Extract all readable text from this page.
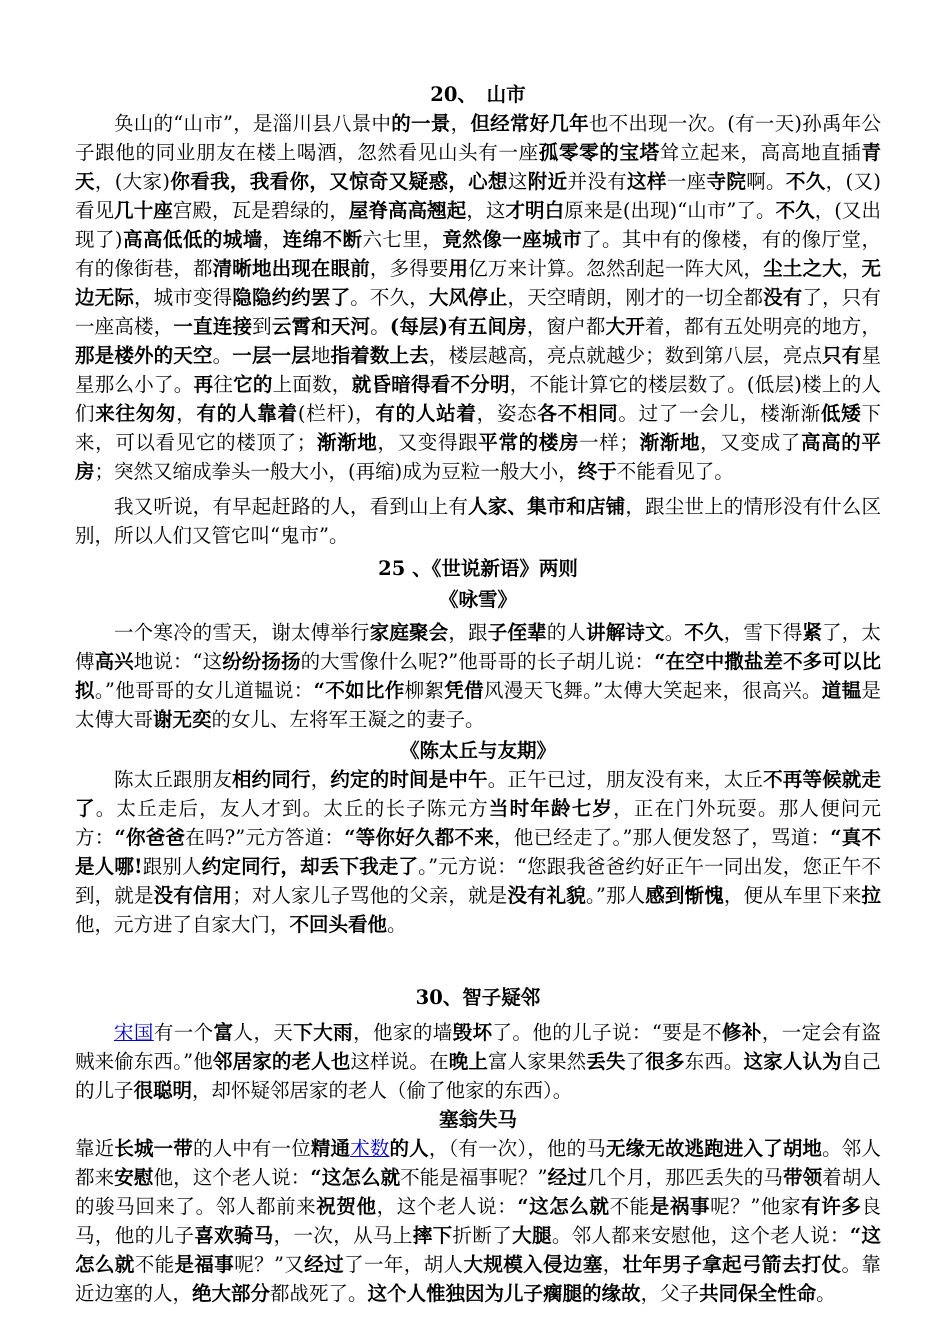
20、　山市

奂山的“山市”，是淄川县八景中的一景，但经常好几年也不出现一次。(有一天)孙禹年公子跟他的同业朋友在楼上喝酒，忽然看见山头有一座孤零零的宝塔耸立起来，高高地直插青天，(大家)你看我，我看你，又惊奇又疑惑，心想这附近并没有这样一座寺院啊。不久，(又)看见几十座宫殿，瓦是碧绿的，屋脊高高翘起，这才明白原来是(出现)“山市”了。不久，(又出现了)高高低低的城墙，连绵不断六七里，竟然像一座城市了。其中有的像楼，有的像厅堂，有的像街巷，都清晰地出现在眼前，多得要用亿万来计算。忽然刮起一阵大风，尘土之大，无边无际，城市变得隐隐约约罢了。不久，大风停止，天空晴朗，刚才的一切全都没有了，只有一座高楼，一直连接到云霄和天河。(每层)有五间房，窗户都大开着，都有五处明亮的地方，那是楼外的天空。一层一层地指着数上去，楼层越高，亮点就越少；数到第八层，亮点只有星星那么小了。再往它的上面数，就昏暗得看不分明，不能计算它的楼层数了。(低层)楼上的人们来往匆匆，有的人靠着(栏杆)，有的人站着，姿态各不相同。过了一会儿，楼渐渐低矮下来，可以看见它的楼顶了；渐渐地，又变得跟平常的楼房一样；渐渐地，又变成了高高的平房；突然又缩成拳头一般大小，(再缩)成为豆粒一般大小，终于不能看见了。

我又听说，有早起赶路的人，看到山上有人家、集市和店铺，跟尘世上的情形没有什么区别，所以人们又管它叫“鬼市”。

25 、《世说新语》两则
《咏雪》

一个寒冷的雪天，谢太傅举行家庭聚会，跟子侄辈的人讲解诗文。不久，雪下得紧了，太傅高兴地说：“这纷纷扬扬的大雪像什么呢?”他哥哥的长子胡儿说：“在空中撒盐差不多可以比拟。”他哥哥的女儿道韫说：“不如比作柳絮凭借风漫天飞舞。”太傅大笑起来，很高兴。道韫是太傅大哥谢无奕的女儿、左将军王凝之的妻子。

《陈太丘与友期》

陈太丘跟朋友相约同行，约定的时间是中午。正午已过，朋友没有来，太丘不再等候就走了。太丘走后，友人才到。太丘的长子陈元方当时年龄七岁，正在门外玩耍。那人便问元方：“你爸爸在吗?”元方答道：“等你好久都不来，他已经走了。”那人便发怒了，骂道：“真不是人哪!跟别人约定同行，却丢下我走了。”元方说：“您跟我爸爸约好正午一同出发，您正午不到，就是没有信用；对人家儿子骂他的父亲，就是没有礼貌。”那人感到惭愧，便从车里下来拉他，元方进了自家大门，不回头看他。

30、智子疑邻

宋国有一个富人，天下大雨，他家的墙毁坏了。他的儿子说：“要是不修补，一定会有盗贼来偷东西。”他邻居家的老人也这样说。在晚上富人家果然丢失了很多东西。这家人认为自己的儿子很聪明，却怀疑邻居家的老人（偷了他家的东西）。

塞翁失马

靠近长城一带的人中有一位精通术数的人，（有一次），他的马无缘无故逃跑进入了胡地。邻人都来安慰他，这个老人说：“这怎么就不能是福事呢？”经过几个月，那匹丢失的马带领着胡人的骏马回来了。邻人都前来祝贺他，这个老人说：“这怎么就不能是祸事呢？”他家有许多良马，他的儿子喜欢骑马，一次，从马上摔下折断了大腿。邻人都来安慰他，这个老人说：“这怎么就不能是福事呢？”又经过了一年，胡人大规模入侵边塞，壮年男子拿起弓箭去打仗。靠近边塞的人，绝大部分都战死了。这个人惟独因为儿子瘸腿的缘故，父子共同保全性命。
